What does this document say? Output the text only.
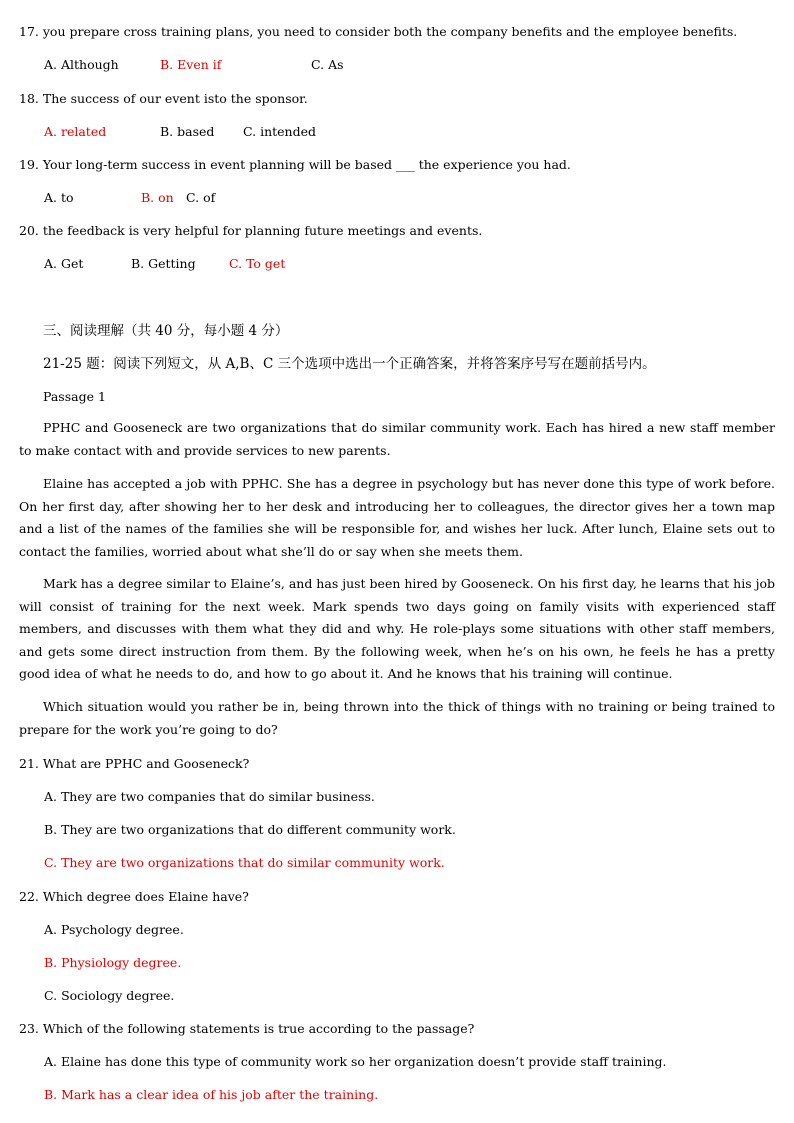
17. you prepare cross training plans, you need to consider both the company benefits and the employee benefits.
A. Although	B. Even if	C. As
18. The success of our event isto the sponsor.
A. related	B. based C. intended
19. Your long-term success in event planning will be based ___ the experience you had.
A. to	B. on C. of
20. the feedback is very helpful for planning future meetings and events.
A. Get	B. Getting	C. To get
三、阅读理解（共 40 分，每小题 4 分）
21-25 题：阅读下列短文，从 A,B、C 三个选项中选出一个正确答案，并将答案序号写在题前括号内。
Passage 1
PPHC and Gooseneck are two organizations that do similar community work. Each has hired a new staff member to make contact with and provide services to new parents.
Elaine has accepted a job with PPHC. She has a degree in psychology but has never done this type of work before. On her first day, after showing her to her desk and introducing her to colleagues, the director gives her a town map and a list of the names of the families she will be responsible for, and wishes her luck. After lunch, Elaine sets out to contact the families, worried about what she’ll do or say when she meets them.
Mark has a degree similar to Elaine’s, and has just been hired by Gooseneck. On his first day, he learns that his job will consist of training for the next week. Mark spends two days going on family visits with experienced staff members, and discusses with them what they did and why. He role-plays some situations with other staff members, and gets some direct instruction from them. By the following week, when he’s on his own, he feels he has a pretty good idea of what he needs to do, and how to go about it. And he knows that his training will continue.
Which situation would you rather be in, being thrown into the thick of things with no training or being trained to prepare for the work you’re going to do?
21. What are PPHC and Gooseneck?
A. They are two companies that do similar business.
B. They are two organizations that do different community work.
C. They are two organizations that do similar community work.
22. Which degree does Elaine have?
A. Psychology degree.
B. Physiology degree.
C. Sociology degree.
23. Which of the following statements is true according to the passage?
A. Elaine has done this type of community work so her organization doesn’t provide staff training.
B. Mark has a clear idea of his job after the training.
